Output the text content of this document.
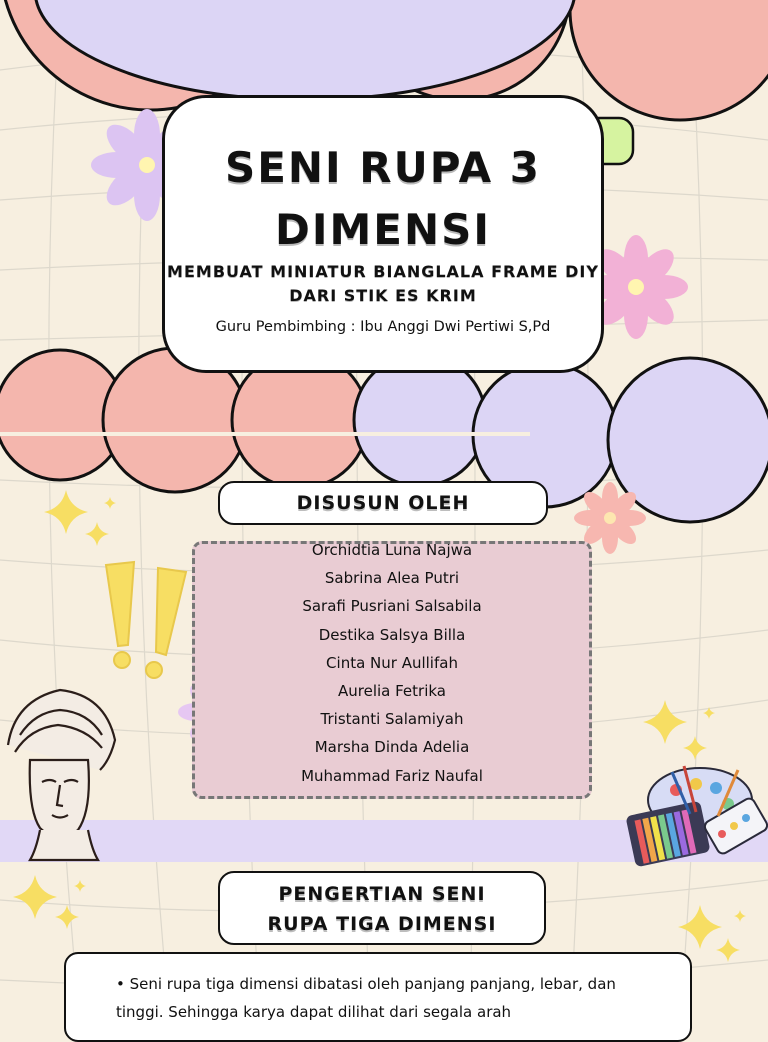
SENI RUPA 3
DIMENSI
MEMBUAT MINIATUR BIANGLALA FRAME DIY
DARI STIK ES KRIM
Guru Pembimbing : Ibu Anggi Dwi Pertiwi S,Pd
DISUSUN OLEH
Orchidtia Luna Najwa
Sabrina Alea Putri
Sarafi Pusriani Salsabila
Destika Salsya Billa
Cinta Nur Aullifah
Aurelia Fetrika
Tristanti Salamiyah
Marsha Dinda Adelia
Muhammad Fariz Naufal
PENGERTIAN SENI
RUPA TIGA DIMENSI
• Seni rupa tiga dimensi dibatasi oleh panjang panjang, lebar, dan tinggi. Sehingga karya dapat dilihat dari segala arah
